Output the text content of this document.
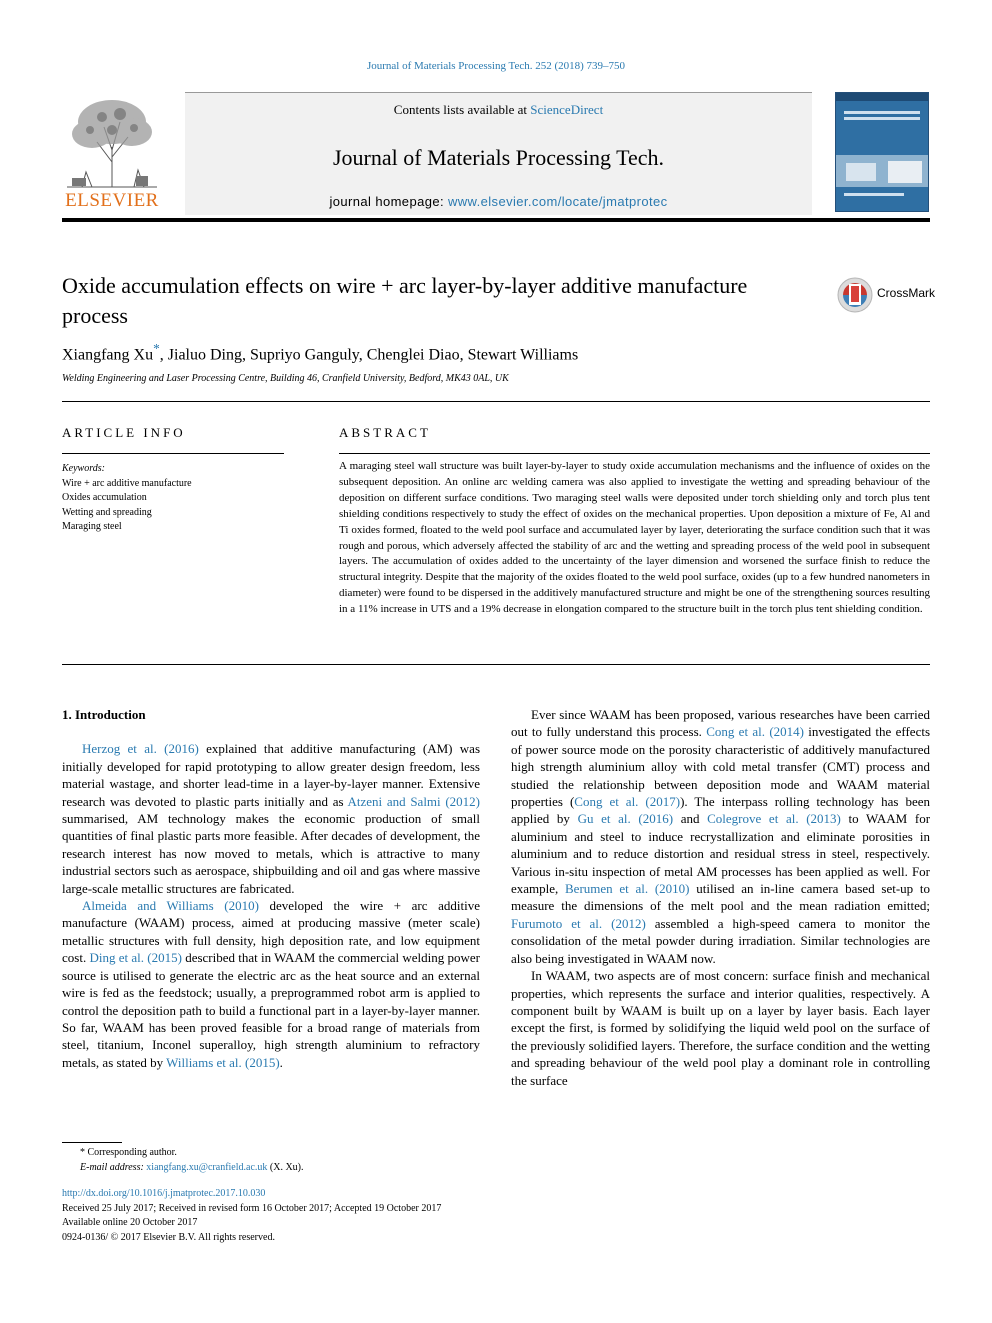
Journal of Materials Processing Tech. 252 (2018) 739–750
ELSEVIER
Contents lists available at ScienceDirect
Journal of Materials Processing Tech.
journal homepage: www.elsevier.com/locate/jmatprotec
Oxide accumulation effects on wire + arc layer-by-layer additive manufacture process
CrossMark
Xiangfang Xu*, Jialuo Ding, Supriyo Ganguly, Chenglei Diao, Stewart Williams
Welding Engineering and Laser Processing Centre, Building 46, Cranfield University, Bedford, MK43 0AL, UK
ARTICLE INFO	ABSTRACT
Keywords:
Wire + arc additive manufacture
Oxides accumulation
Wetting and spreading
Maraging steel
A maraging steel wall structure was built layer-by-layer to study oxide accumulation mechanisms and the influence of oxides on the subsequent deposition. An online arc welding camera was also applied to investigate the wetting and spreading behaviour of the deposition on different surface conditions. Two maraging steel walls were deposited under torch shielding only and torch plus tent shielding conditions respectively to study the effect of oxides on the mechanical properties. Upon deposition a mixture of Fe, Al and Ti oxides formed, floated to the weld pool surface and accumulated layer by layer, deteriorating the surface condition such that it was rough and porous, which adversely affected the stability of arc and the wetting and spreading process of the weld pool in subsequent layers. The accumulation of oxides added to the uncertainty of the layer dimension and worsened the surface finish to reduce the structural integrity. Despite that the majority of the oxides floated to the weld pool surface, oxides (up to a few hundred nanometers in diameter) were found to be dispersed in the additively manufactured structure and might be one of the strengthening sources resulting in a 11% increase in UTS and a 19% decrease in elongation compared to the structure built in the torch plus tent shielding condition.
1. Introduction

Herzog et al. (2016) explained that additive manufacturing (AM) was initially developed for rapid prototyping to allow greater design freedom, less material wastage, and shorter lead-time in a layer-by-layer manner. Extensive research was devoted to plastic parts initially and as Atzeni and Salmi (2012) summarised, AM technology makes the economic production of small quantities of final plastic parts more feasible. After decades of development, the research interest has now moved to metals, which is attractive to many industrial sectors such as aerospace, shipbuilding and oil and gas where massive large-scale metallic structures are fabricated.

Almeida and Williams (2010) developed the wire + arc additive manufacture (WAAM) process, aimed at producing massive (meter scale) metallic structures with full density, high deposition rate, and low equipment cost. Ding et al. (2015) described that in WAAM the commercial welding power source is utilised to generate the electric arc as the heat source and an external wire is fed as the feedstock; usually, a preprogrammed robot arm is applied to control the deposition path to build a functional part in a layer-by-layer manner. So far, WAAM has been proved feasible for a broad range of materials from steel, titanium, Inconel superalloy, high strength aluminium to refractory metals, as stated by Williams et al. (2015).

Ever since WAAM has been proposed, various researches have been carried out to fully understand this process. Cong et al. (2014) investigated the effects of power source mode on the porosity characteristic of additively manufactured high strength aluminium alloy with cold metal transfer (CMT) process and studied the relationship between deposition mode and WAAM material properties (Cong et al. (2017)). The interpass rolling technology has been applied by Gu et al. (2016) and Colegrove et al. (2013) to WAAM for aluminium and steel to induce recrystallization and eliminate porosities in aluminium and to reduce distortion and residual stress in steel, respectively. Various in-situ inspection of metal AM processes has been applied as well. For example, Berumen et al. (2010) utilised an in-line camera based set-up to measure the dimensions of the melt pool and the mean radiation emitted; Furumoto et al. (2012) assembled a high-speed camera to monitor the consolidation of the metal powder during irradiation. Similar technologies are also being investigated in WAAM now.

In WAAM, two aspects are of most concern: surface finish and mechanical properties, which represents the surface and interior qualities, respectively. A component built by WAAM is built up on a layer by layer basis. Each layer except the first, is formed by solidifying the liquid weld pool on the surface of the previously solidified layers. Therefore, the surface condition and the wetting and spreading behaviour of the weld pool play a dominant role in controlling the surface

* Corresponding author.
E-mail address: xiangfang.xu@cranfield.ac.uk (X. Xu).
http://dx.doi.org/10.1016/j.jmatprotec.2017.10.030
Received 25 July 2017; Received in revised form 16 October 2017; Accepted 19 October 2017
Available online 20 October 2017
0924-0136/ © 2017 Elsevier B.V. All rights reserved.
